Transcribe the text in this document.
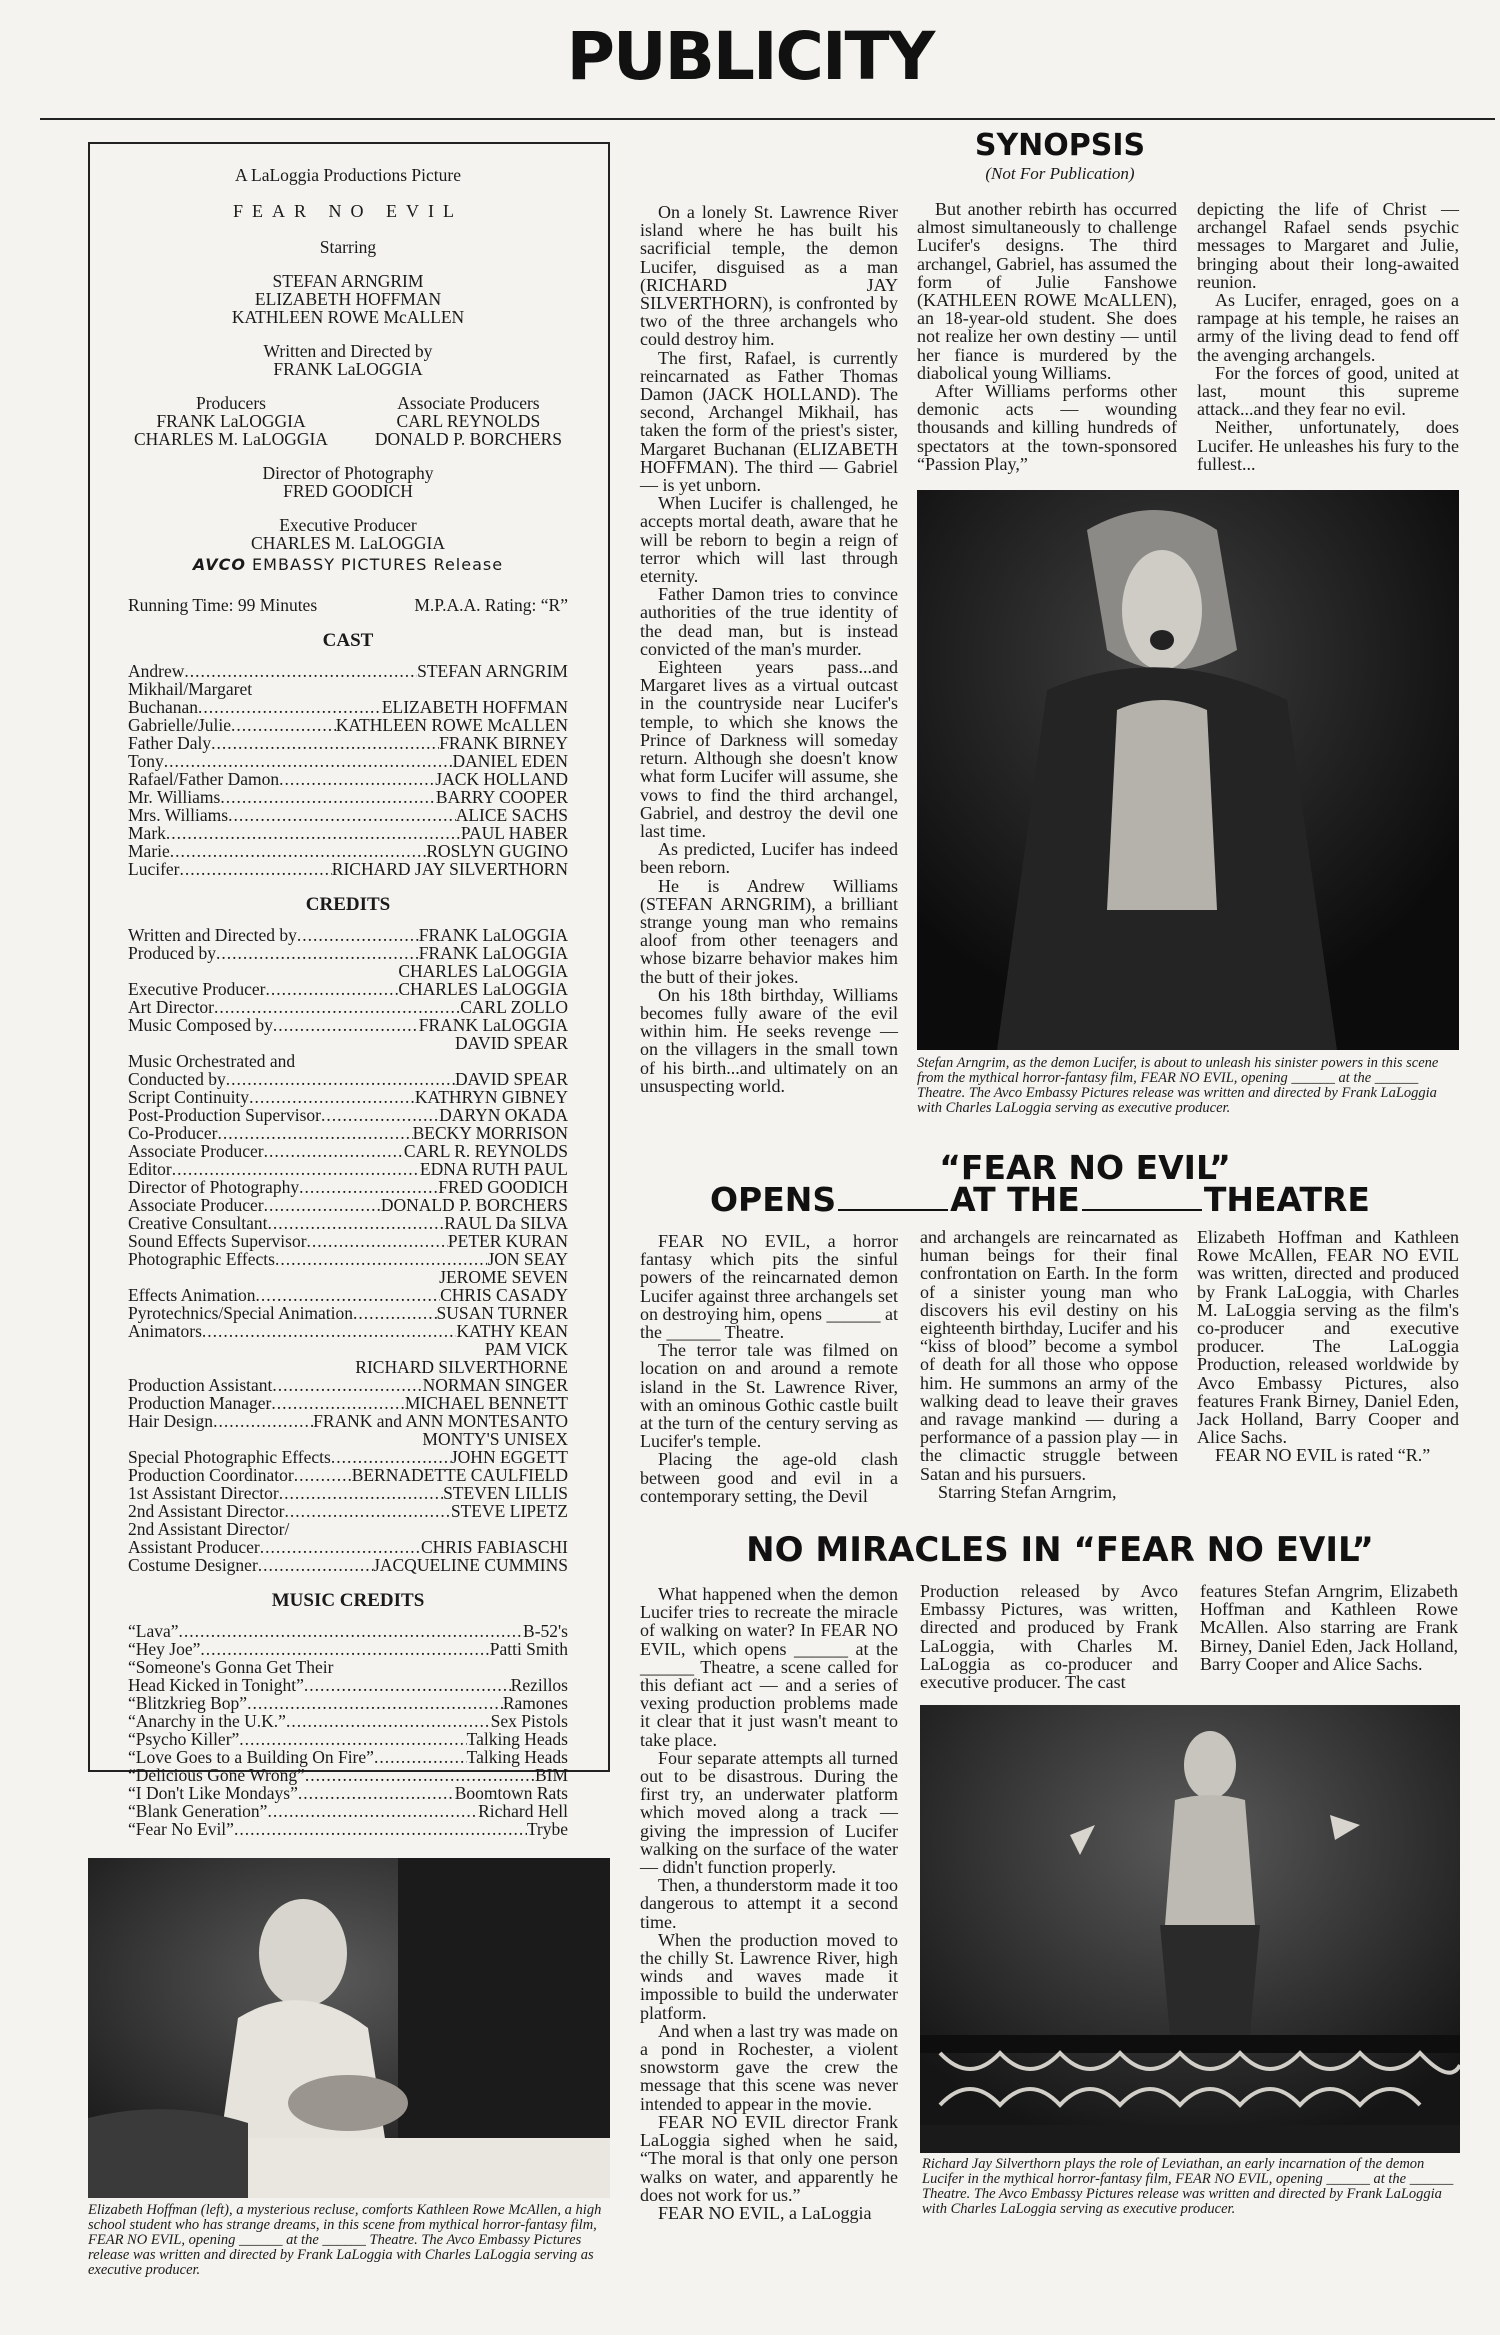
PUBLICITY
A LaLoggia Productions Picture
FEAR NO EVIL
Starring
STEFAN ARNGRIM
ELIZABETH HOFFMAN
KATHLEEN ROWE McALLEN
Written and Directed by
FRANK LaLOGGIA
Producers
FRANK LaLOGGIA
CHARLES M. LaLOGGIA
Associate Producers
CARL REYNOLDS
DONALD P. BORCHERS
Director of Photography
FRED GOODICH
Executive Producer
CHARLES M. LaLOGGIA
AVCO EMBASSY PICTURES Release
Running Time: 99 Minutes	M.P.A.A. Rating: “R”
CAST
Andrew .....	STEFAN ARNGRIM
Mikhail/Margaret
Buchanan .....	ELIZABETH HOFFMAN
Gabrielle/Julie .....	KATHLEEN ROWE McALLEN
Father Daly .....	FRANK BIRNEY
Tony .....	DANIEL EDEN
Rafael/Father Damon .....	JACK HOLLAND
Mr. Williams .....	BARRY COOPER
Mrs. Williams .....	ALICE SACHS
Mark .....	PAUL HABER
Marie .....	ROSLYN GUGINO
Lucifer .....	RICHARD JAY SILVERTHORN
CREDITS
Written and Directed by .....	FRANK LaLOGGIA
Produced by .....	FRANK LaLOGGIA
CHARLES LaLOGGIA
Executive Producer .....	CHARLES LaLOGGIA
Art Director .....	CARL ZOLLO
Music Composed by .....	FRANK LaLOGGIA
DAVID SPEAR
Music Orchestrated and
Conducted by .....	DAVID SPEAR
Script Continuity .....	KATHRYN GIBNEY
Post-Production Supervisor .....	DARYN OKADA
Co-Producer .....	BECKY MORRISON
Associate Producer .....	CARL R. REYNOLDS
Editor .....	EDNA RUTH PAUL
Director of Photography .....	FRED GOODICH
Associate Producer .....	DONALD P. BORCHERS
Creative Consultant .....	RAUL Da SILVA
Sound Effects Supervisor .....	PETER KURAN
Photographic Effects .....	JON SEAY
JEROME SEVEN
Effects Animation .....	CHRIS CASADY
Pyrotechnics/Special Animation .....	SUSAN TURNER
Animators .....	KATHY KEAN
PAM VICK
RICHARD SILVERTHORNE
Production Assistant .....	NORMAN SINGER
Production Manager .....	MICHAEL BENNETT
Hair Design .....	FRANK and ANN MONTESANTO
MONTY'S UNISEX
Special Photographic Effects .....	JOHN EGGETT
Production Coordinator .....	BERNADETTE CAULFIELD
1st Assistant Director .....	STEVEN LILLIS
2nd Assistant Director .....	STEVE LIPETZ
2nd Assistant Director/
Assistant Producer .....	CHRIS FABIASCHI
Costume Designer .....	JACQUELINE CUMMINS
MUSIC CREDITS
“Lava” .....	B-52's
“Hey Joe” .....	Patti Smith
“Someone's Gonna Get Their
Head Kicked in Tonight” .....	Rezillos
“Blitzkrieg Bop” .....	Ramones
“Anarchy in the U.K.” .....	Sex Pistols
“Psycho Killer” .....	Talking Heads
“Love Goes to a Building On Fire” .....	Talking Heads
“Delicious Gone Wrong” .....	BIM
“I Don't Like Mondays” .....	Boomtown Rats
“Blank Generation” .....	Richard Hell
“Fear No Evil” .....	Trybe
Elizabeth Hoffman (left), a mysterious recluse, comforts Kathleen Rowe McAllen, a high school student who has strange dreams, in this scene from mythical horror-fantasy film, FEAR NO EVIL, opening ______ at the ______ Theatre. The Avco Embassy Pictures release was written and directed by Frank LaLoggia with Charles LaLoggia serving as executive producer.
SYNOPSIS
(Not For Publication)

On a lonely St. Lawrence River island where he has built his sacrificial temple, the demon Lucifer, disguised as a man (RICHARD JAY SILVERTHORN), is confronted by two of the three archangels who could destroy him.

The first, Rafael, is currently reincarnated as Father Thomas Damon (JACK HOLLAND). The second, Archangel Mikhail, has taken the form of the priest's sister, Margaret Buchanan (ELIZABETH HOFFMAN). The third — Gabriel — is yet unborn.

When Lucifer is challenged, he accepts mortal death, aware that he will be reborn to begin a reign of terror which will last through eternity.

Father Damon tries to convince authorities of the true identity of the dead man, but is instead convicted of the man's murder.

Eighteen years pass...and Margaret lives as a virtual outcast in the countryside near Lucifer's temple, to which she knows the Prince of Darkness will someday return. Although she doesn't know what form Lucifer will assume, she vows to find the third archangel, Gabriel, and destroy the devil one last time.

As predicted, Lucifer has indeed been reborn.

He is Andrew Williams (STEFAN ARNGRIM), a brilliant strange young man who remains aloof from other teenagers and whose bizarre behavior makes him the butt of their jokes.

On his 18th birthday, Williams becomes fully aware of the evil within him. He seeks revenge — on the villagers in the small town of his birth...and ultimately on an unsuspecting world.

But another rebirth has occurred almost simultaneously to challenge Lucifer's designs. The third archangel, Gabriel, has assumed the form of Julie Fanshowe (KATHLEEN ROWE McALLEN), an 18-year-old student. She does not realize her own destiny — until her fiance is murdered by the diabolical young Williams.

After Williams performs other demonic acts — wounding thousands and killing hundreds of spectators at the town-sponsored “Passion Play,”

depicting the life of Christ — archangel Rafael sends psychic messages to Margaret and Julie, bringing about their long-awaited reunion.

As Lucifer, enraged, goes on a rampage at his temple, he raises an army of the living dead to fend off the avenging archangels.

For the forces of good, united at last, mount this supreme attack...and they fear no evil.

Neither, unfortunately, does Lucifer. He unleashes his fury to the fullest...

Stefan Arngrim, as the demon Lucifer, is about to unleash his sinister powers in this scene from the mythical horror-fantasy film, FEAR NO EVIL, opening ______ at the ______ Theatre. The Avco Embassy Pictures release was written and directed by Frank LaLoggia with Charles LaLoggia serving as executive producer.
“FEAR NO EVIL”
OPENS	AT THE	THEATRE

FEAR NO EVIL, a horror fantasy which pits the sinful powers of the reincarnated demon Lucifer against three archangels set on destroying him, opens ______ at the ______ Theatre.

The terror tale was filmed on location on and around a remote island in the St. Lawrence River, with an ominous Gothic castle built at the turn of the century serving as Lucifer's temple.

Placing the age-old clash between good and evil in a contemporary setting, the Devil

and archangels are reincarnated as human beings for their final confrontation on Earth. In the form of a sinister young man who discovers his evil destiny on his eighteenth birthday, Lucifer and his “kiss of blood” become a symbol of death for all those who oppose him. He summons an army of the walking dead to leave their graves and ravage mankind — during a performance of a passion play — in the climactic struggle between Satan and his pursuers.

Starring Stefan Arngrim,

Elizabeth Hoffman and Kathleen Rowe McAllen, FEAR NO EVIL was written, directed and produced by Frank LaLoggia, with Charles M. LaLoggia serving as the film's co-producer and executive producer. The LaLoggia Production, released worldwide by Avco Embassy Pictures, also features Frank Birney, Daniel Eden, Jack Holland, Barry Cooper and Alice Sachs.

FEAR NO EVIL is rated “R.”

NO MIRACLES IN “FEAR NO EVIL”

What happened when the demon Lucifer tries to recreate the miracle of walking on water? In FEAR NO EVIL, which opens ______ at the ______ Theatre, a scene called for this defiant act — and a series of vexing production problems made it clear that it just wasn't meant to take place.

Four separate attempts all turned out to be disastrous. During the first try, an underwater platform which moved along a track — giving the impression of Lucifer walking on the surface of the water — didn't function properly.

Then, a thunderstorm made it too dangerous to attempt it a second time.

When the production moved to the chilly St. Lawrence River, high winds and waves made it impossible to build the underwater platform.

And when a last try was made on a pond in Rochester, a violent snowstorm gave the crew the message that this scene was never intended to appear in the movie.

FEAR NO EVIL director Frank LaLoggia sighed when he said, “The moral is that only one person walks on water, and apparently he does not work for us.”

FEAR NO EVIL, a LaLoggia

Production released by Avco Embassy Pictures, was written, directed and produced by Frank LaLoggia, with Charles M. LaLoggia as co-producer and executive producer. The cast

features Stefan Arngrim, Elizabeth Hoffman and Kathleen Rowe McAllen. Also starring are Frank Birney, Daniel Eden, Jack Holland, Barry Cooper and Alice Sachs.

Richard Jay Silverthorn plays the role of Leviathan, an early incarnation of the demon Lucifer in the mythical horror-fantasy film, FEAR NO EVIL, opening ______ at the ______ Theatre. The Avco Embassy Pictures release was written and directed by Frank LaLoggia with Charles LaLoggia serving as executive producer.
